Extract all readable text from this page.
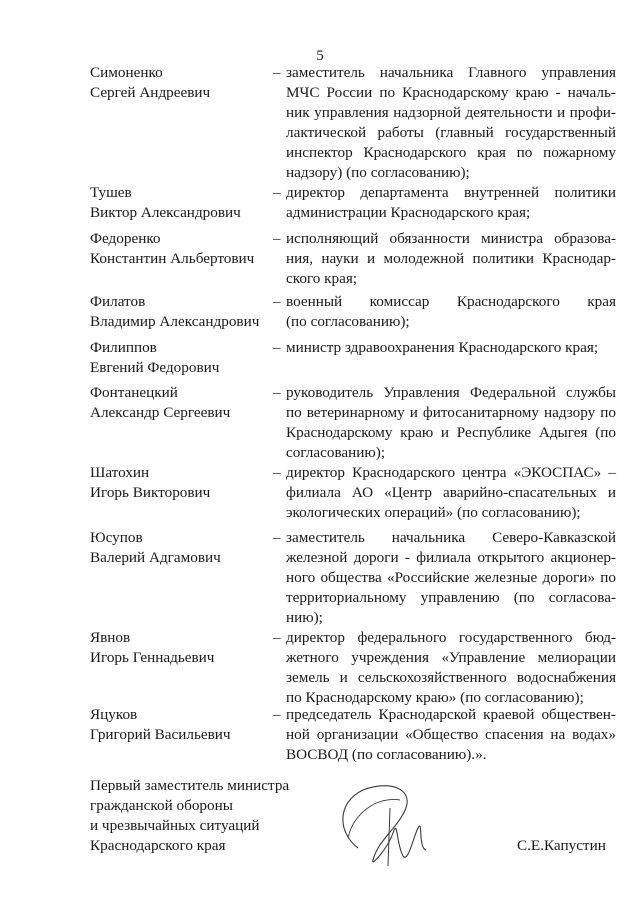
5
Симоненко
Сергей Андреевич
– заместитель начальника Главного управления
МЧС России по Краснодарскому краю - началь-
ник управления надзорной деятельности и профи-
лактической работы (главный государственный
инспектор Краснодарского края по пожарному
надзору) (по согласованию);
Тушев
Виктор Александрович
– директор департамента внутренней политики
администрации Краснодарского края;
Федоренко
Константин Альбертович
– исполняющий обязанности министра образова-
ния, науки и молодежной политики Краснодар-
ского края;
Филатов
Владимир Александрович
– военный комиссар Краснодарского края
(по согласованию);
Филиппов
Евгений Федорович
– министр здравоохранения Краснодарского края;
Фонтанецкий
Александр Сергеевич
– руководитель Управления Федеральной службы
по ветеринарному и фитосанитарному надзору по
Краснодарскому краю и Республике Адыгея (по
согласованию);
Шатохин
Игорь Викторович
– директор Краснодарского центра «ЭКОСПАС» –
филиала АО «Центр аварийно-спасательных и
экологических операций» (по согласованию);
Юсупов
Валерий Адгамович
– заместитель начальника Северо-Кавказской
железной дороги - филиала открытого акционер-
ного общества «Российские железные дороги» по
территориальному управлению (по согласова-
нию);
Явнов
Игорь Геннадьевич
– директор федерального государственного бюд-
жетного учреждения «Управление мелиорации
земель и сельскохозяйственного водоснабжения
по Краснодарскому краю» (по согласованию);
Яцуков
Григорий Васильевич
– председатель Краснодарской краевой обществен-
ной организации «Общество спасения на водах»
ВОСВОД (по согласованию).».
Первый заместитель министра
гражданской обороны
и чрезвычайных ситуаций
Краснодарского края	С.Е.Капустин
